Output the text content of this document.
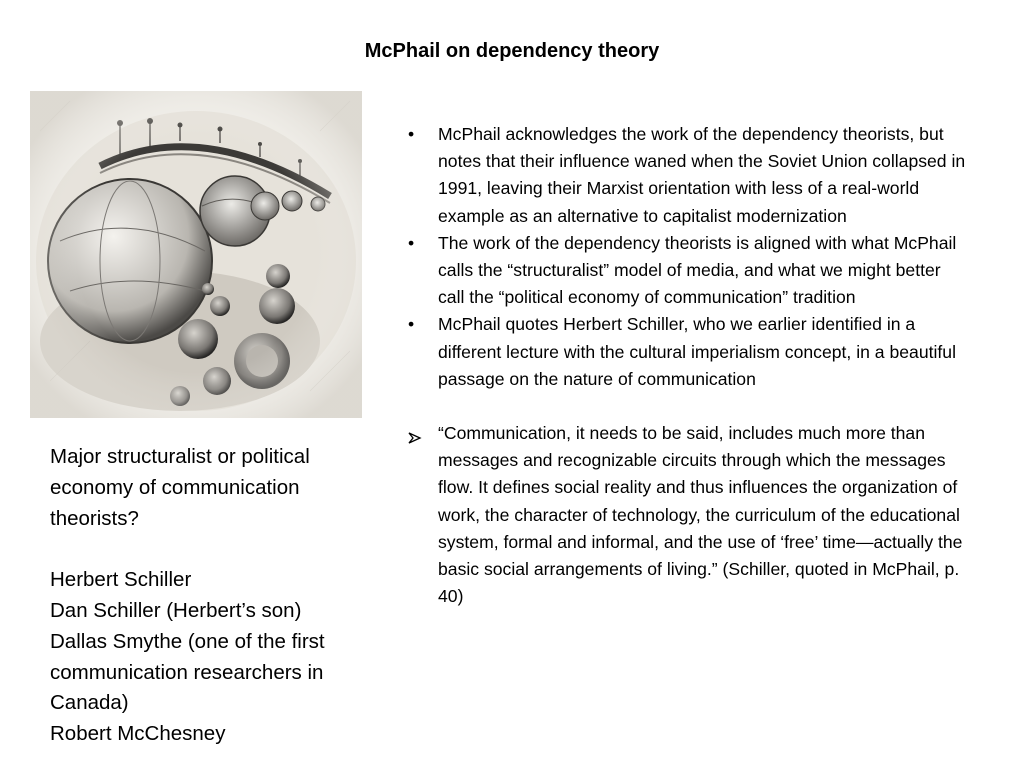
McPhail on dependency theory
Major structuralist or political economy of communication theorists?
Herbert Schiller
Dan Schiller (Herbert’s son)
Dallas Smythe (one of the first communication researchers in Canada)
Robert McChesney

•	McPhail acknowledges the work of the dependency theorists, but notes that their influence waned when the Soviet Union collapsed in 1991, leaving their Marxist orientation with less of a real-world example as an alternative to capitalist modernization

•	The work of the dependency theorists is aligned with what McPhail calls the “structuralist” model of media, and what we might better call the “political economy of communication” tradition

•	McPhail quotes Herbert Schiller, who we earlier identified in a different lecture with the cultural imperialism concept, in a beautiful passage on the nature of communication

“Communication, it needs to be said, includes much more than messages and recognizable circuits through which the messages flow. It defines social reality and thus influences the organization of work, the character of technology, the curriculum of the educational system, formal and informal, and the use of ‘free’ time—actually the basic social arrangements of living.” (Schiller, quoted in McPhail, p. 40)
